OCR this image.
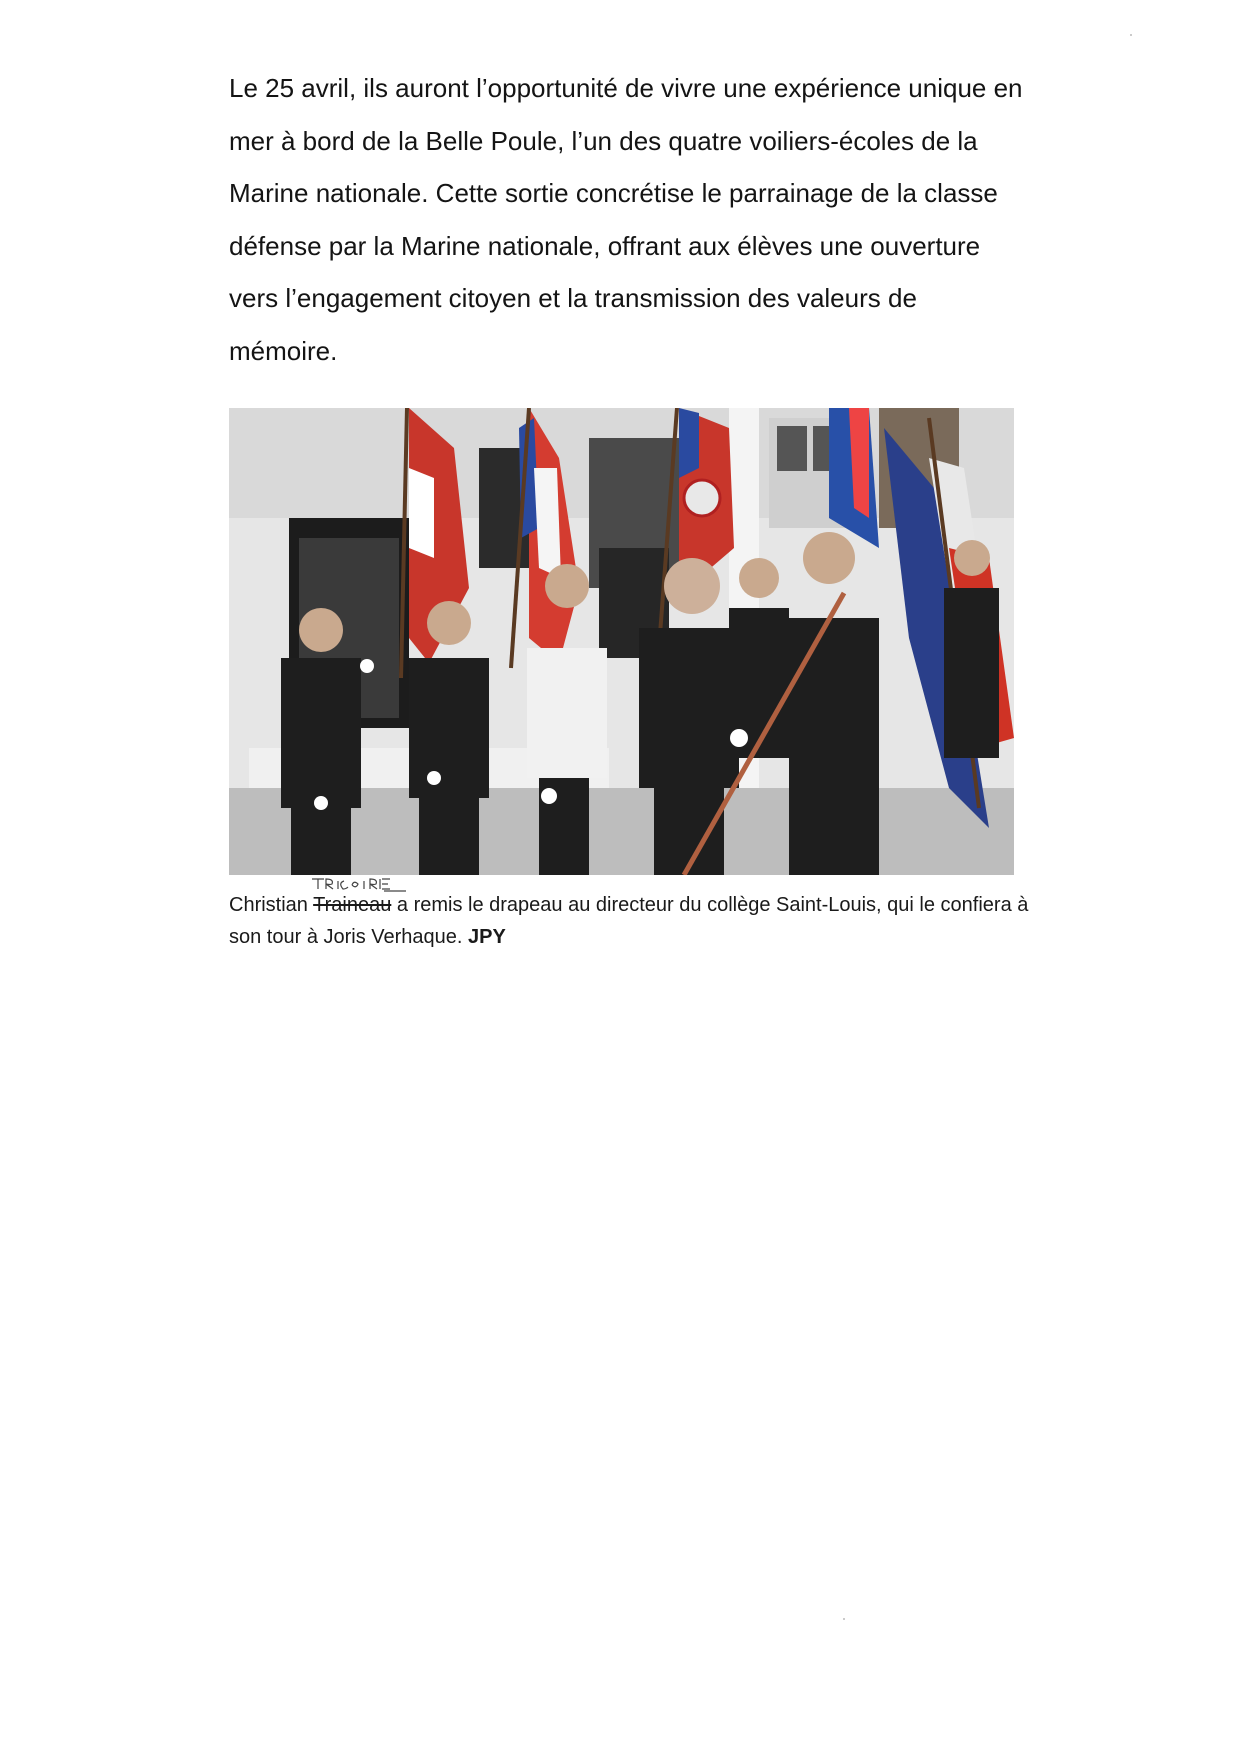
Le 25 avril, ils auront l’opportunité de vivre une expérience unique en mer à bord de la Belle Poule, l’un des quatre voiliers-écoles de la Marine nationale. Cette sortie concrétise le parrainage de la classe défense par la Marine nationale, offrant aux élèves une ouverture vers l’engagement citoyen et la transmission des valeurs de mémoire.

Christian Traineau a remis le drapeau au directeur du collège Saint-Louis, qui le confiera à son tour à Joris Verhaque. JPY
